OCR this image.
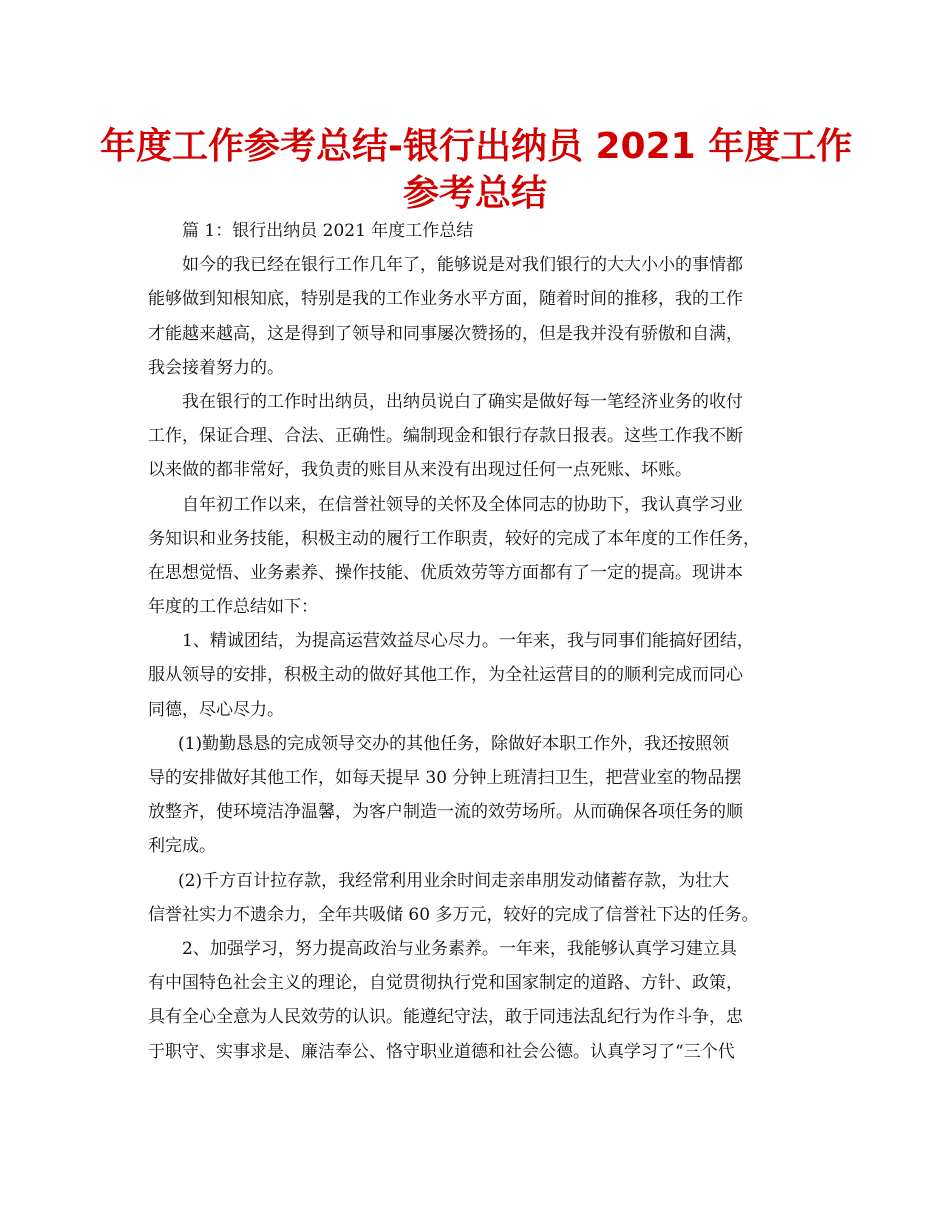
年度工作参考总结-银行出纳员 2021 年度工作
参考总结

篇 1：银行出纳员 2021 年度工作总结

如今的我已经在银行工作几年了，能够说是对我们银行的大大小小的事情都
能够做到知根知底，特别是我的工作业务水平方面，随着时间的推移，我的工作
才能越来越高，这是得到了领导和同事屡次赞扬的，但是我并没有骄傲和自满，
我会接着努力的。

我在银行的工作时出纳员，出纳员说白了确实是做好每一笔经济业务的收付
工作，保证合理、合法、正确性。编制现金和银行存款日报表。这些工作我不断
以来做的都非常好，我负责的账目从来没有出现过任何一点死账、坏账。

自年初工作以来，在信誉社领导的关怀及全体同志的协助下，我认真学习业
务知识和业务技能，积极主动的履行工作职责，较好的完成了本年度的工作任务，
在思想觉悟、业务素养、操作技能、优质效劳等方面都有了一定的提高。现讲本
年度的工作总结如下：

1、精诚团结，为提高运营效益尽心尽力。一年来，我与同事们能搞好团结，
服从领导的安排，积极主动的做好其他工作，为全社运营目的的顺利完成而同心
同德，尽心尽力。

(1)勤勤恳恳的完成领导交办的其他任务，除做好本职工作外，我还按照领
导的安排做好其他工作，如每天提早 30 分钟上班清扫卫生，把营业室的物品摆
放整齐，使环境洁净温馨，为客户制造一流的效劳场所。从而确保各项任务的顺
利完成。

(2)千方百计拉存款，我经常利用业余时间走亲串朋发动储蓄存款，为壮大
信誉社实力不遗余力，全年共吸储 60 多万元，较好的完成了信誉社下达的任务。

2、加强学习，努力提高政治与业务素养。一年来，我能够认真学习建立具
有中国特色社会主义的理论，自觉贯彻执行党和国家制定的道路、方针、政策，
具有全心全意为人民效劳的认识。能遵纪守法，敢于同违法乱纪行为作斗争，忠
于职守、实事求是、廉洁奉公、恪守职业道德和社会公德。认真学习了“三个代
